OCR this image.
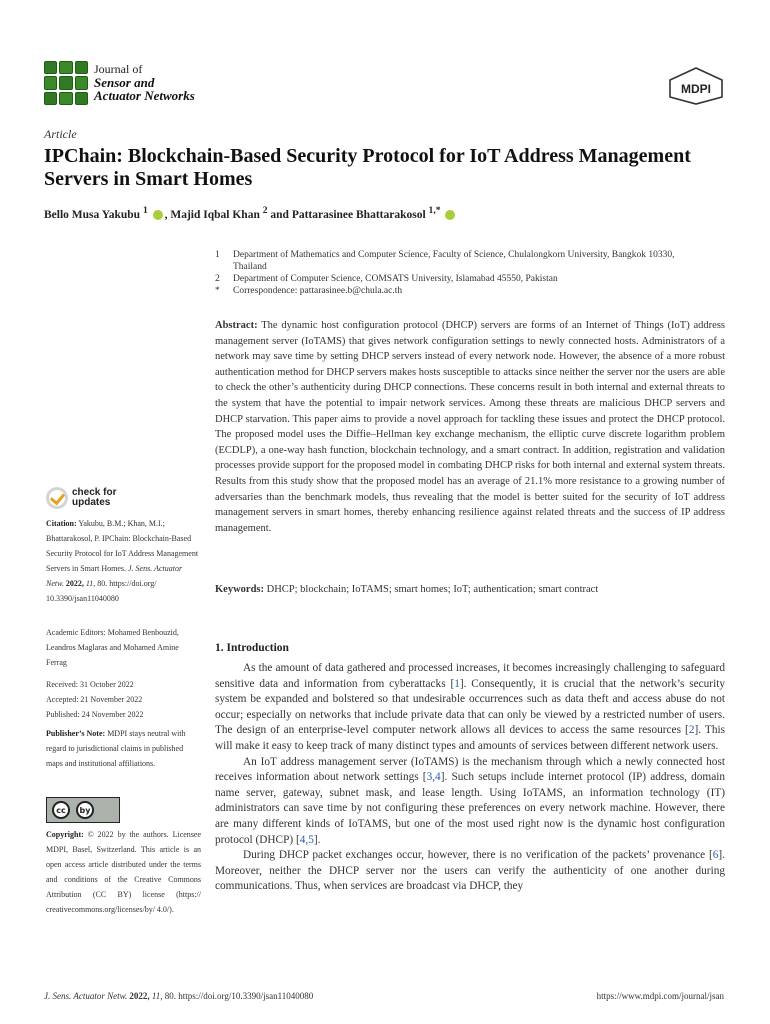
Journal of
Sensor and
Actuator Networks	MDPI
Article
IPChain: Blockchain-Based Security Protocol for IoT Address Management Servers in Smart Homes
Bello Musa Yakubu $^1$ , Majid Iqbal Khan $^2$ and Pattarasinee Bhattarakosol $^{1,*}$
1	Department of Mathematics and Computer Science, Faculty of Science, Chulalongkorn University, Bangkok 10330, Thailand
2	Department of Computer Science, COMSATS University, Islamabad 45550, Pakistan
*	Correspondence: pattarasinee.b@chula.ac.th
Abstract: The dynamic host configuration protocol (DHCP) servers are forms of an Internet of Things (IoT) address management server (IoTAMS) that gives network configuration settings to newly connected hosts. Administrators of a network may save time by setting DHCP servers instead of every network node. However, the absence of a more robust authentication method for DHCP servers makes hosts susceptible to attacks since neither the server nor the users are able to check the other’s authenticity during DHCP connections. These concerns result in both internal and external threats to the system that have the potential to impair network services. Among these threats are malicious DHCP servers and DHCP starvation. This paper aims to provide a novel approach for tackling these issues and protect the DHCP protocol. The proposed model uses the Diffie–Hellman key exchange mechanism, the elliptic curve discrete logarithm problem (ECDLP), a one-way hash function, blockchain technology, and a smart contract. In addition, registration and validation processes provide support for the proposed model in combating DHCP risks for both internal and external system threats. Results from this study show that the proposed model has an average of 21.1% more resistance to a growing number of adversaries than the benchmark models, thus revealing that the model is better suited for the security of IoT address management servers in smart homes, thereby enhancing resilience against related threats and the success of IP address management.
Keywords: DHCP; blockchain; IoTAMS; smart homes; IoT; authentication; smart contract
check for
updates
Citation: Yakubu, B.M.; Khan, M.I.; Bhattarakosol, P. IPChain: Blockchain-Based Security Protocol for IoT Address Management Servers in Smart Homes. J. Sens. Actuator Netw. 2022, 11, 80. https://doi.org/ 10.3390/jsan11040080
Academic Editors: Mohamed Benbouzid, Leandros Maglaras and Mohamed Amine Ferrag
Received: 31 October 2022
Accepted: 21 November 2022
Published: 24 November 2022
Publisher’s Note: MDPI stays neutral with regard to jurisdictional claims in published maps and institutional affiliations.
cc	by
Copyright: © 2022 by the authors. Licensee MDPI, Basel, Switzerland. This article is an open access article distributed under the terms and conditions of the Creative Commons Attribution (CC BY) license (https:// creativecommons.org/licenses/by/ 4.0/).
1. Introduction

As the amount of data gathered and processed increases, it becomes increasingly challenging to safeguard sensitive data and information from cyberattacks [1]. Consequently, it is crucial that the network’s security system be expanded and bolstered so that undesirable occurrences such as data theft and access abuse do not occur; especially on networks that include private data that can only be viewed by a restricted number of users. The design of an enterprise-level computer network allows all devices to access the same resources [2]. This will make it easy to keep track of many distinct types and amounts of services between different network users.

An IoT address management server (IoTAMS) is the mechanism through which a newly connected host receives information about network settings [3,4]. Such setups include internet protocol (IP) address, domain name server, gateway, subnet mask, and lease length. Using IoTAMS, an information technology (IT) administrators can save time by not configuring these preferences on every network machine. However, there are many different kinds of IoTAMS, but one of the most used right now is the dynamic host configuration protocol (DHCP) [4,5].

During DHCP packet exchanges occur, however, there is no verification of the packets’ provenance [6]. Moreover, neither the DHCP server nor the users can verify the authenticity of one another during communications. Thus, when services are broadcast via DHCP, they

J. Sens. Actuator Netw. 2022, 11, 80. https://doi.org/10.3390/jsan11040080	https://www.mdpi.com/journal/jsan
